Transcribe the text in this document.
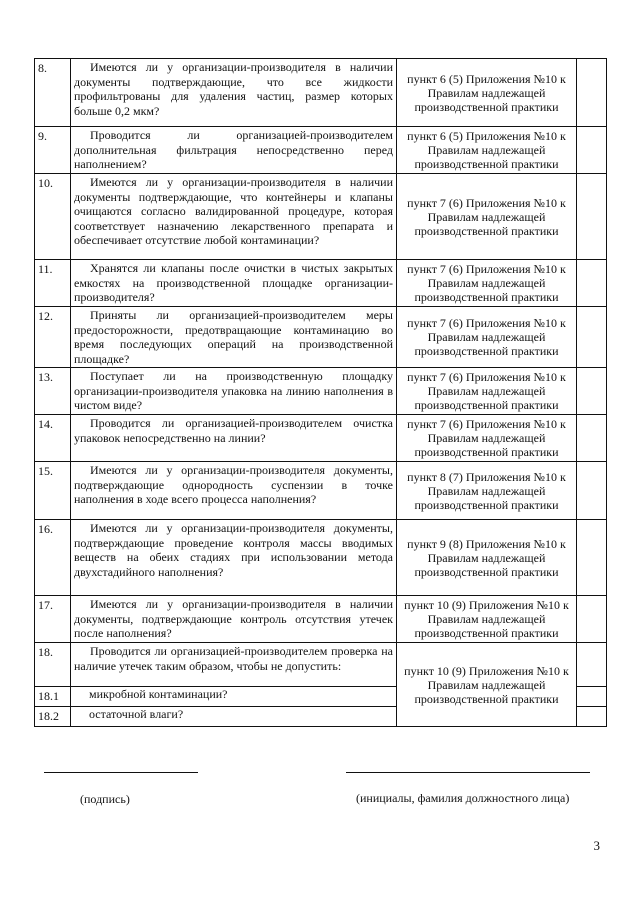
8.	Имеются ли у организации-производителя в наличии документы подтверждающие, что все жидкости профильтрованы для удаления частиц, размер которых больше 0,2 мкм?	пункт 6 (5) Приложения №10 к Правилам надлежащей производственной практики	
9.	Проводится ли организацией-производителем дополнительная фильтрация непосредственно перед наполнением?	пункт 6 (5) Приложения №10 к Правилам надлежащей производственной практики	
10.	Имеются ли у организации-производителя в наличии документы подтверждающие, что контейнеры и клапаны очищаются согласно валидированной процедуре, которая соответствует назначению лекарственного препарата и обеспечивает отсутствие любой контаминации?	пункт 7 (6) Приложения №10 к Правилам надлежащей производственной практики	
11.	Хранятся ли клапаны после очистки в чистых закрытых емкостях на производственной площадке организации-производителя?	пункт 7 (6) Приложения №10 к Правилам надлежащей производственной практики	
12.	Приняты ли организацией-производителем меры предосторожности, предотвращающие контаминацию во время последующих операций на производственной площадке?	пункт 7 (6) Приложения №10 к Правилам надлежащей производственной практики	
13.	Поступает ли на производственную площадку организации-производителя упаковка на линию наполнения в чистом виде?	пункт 7 (6) Приложения №10 к Правилам надлежащей производственной практики	
14.	Проводится ли организацией-производителем очистка упаковок непосредственно на линии?	пункт 7 (6) Приложения №10 к Правилам надлежащей производственной практики	
15.	Имеются ли у организации-производителя документы, подтверждающие однородность суспензии в точке наполнения в ходе всего процесса наполнения?	пункт 8 (7) Приложения №10 к Правилам надлежащей производственной практики	
16.	Имеются ли у организации-производителя документы, подтверждающие проведение контроля массы вводимых веществ на обеих стадиях при использовании метода двухстадийного наполнения?	пункт 9 (8) Приложения №10 к Правилам надлежащей производственной практики	
17.	Имеются ли у организации-производителя в наличии документы, подтверждающие контроль отсутствия утечек после наполнения?	пункт 10 (9) Приложения №10 к Правилам надлежащей производственной практики	
18.	Проводится ли организацией-производителем проверка на наличие утечек таким образом, чтобы не допустить:	пункт 10 (9) Приложения №10 к Правилам надлежащей производственной практики	
18.1	микробной контаминации?		
18.2	остаточной влаги?		
(подпись)	(инициалы, фамилия должностного лица)
3
